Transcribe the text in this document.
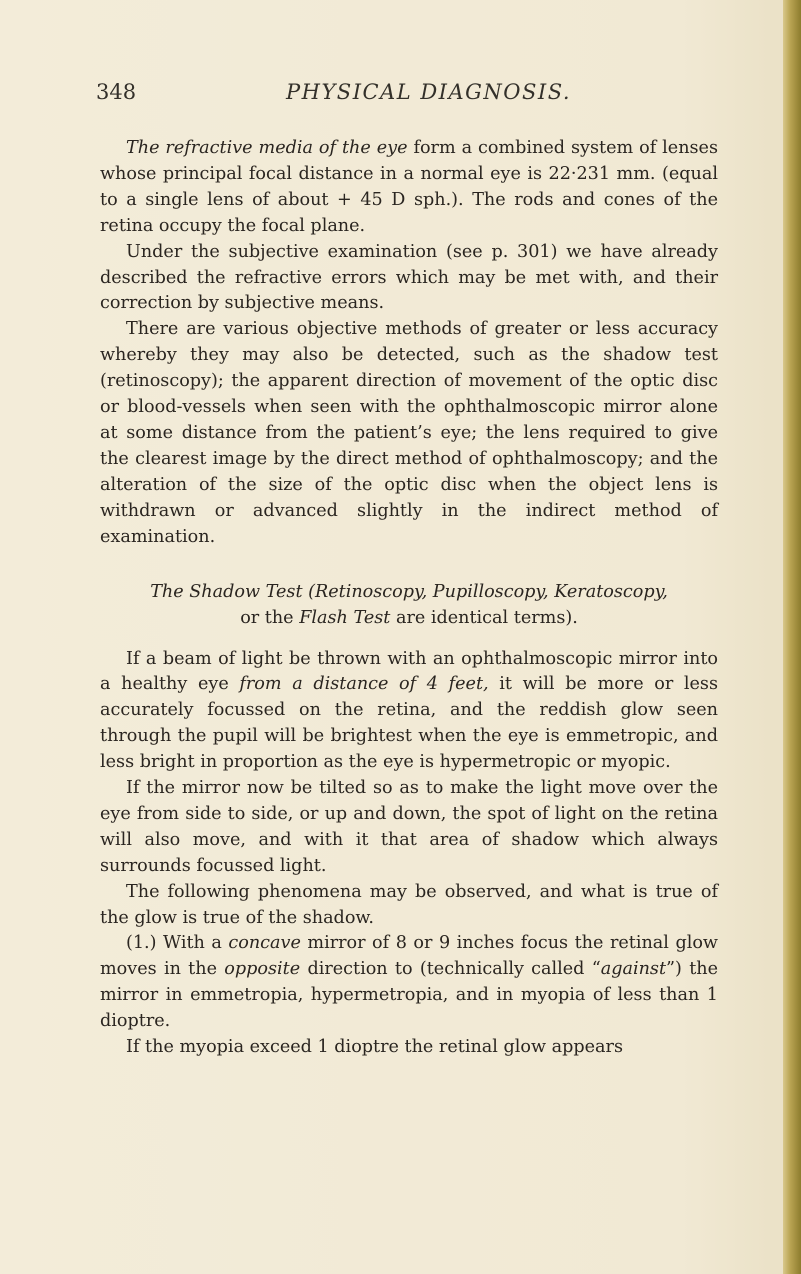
348	PHYSICAL DIAGNOSIS.

The refractive media of the eye form a combined system of lenses whose principal focal distance in a normal eye is 22·231 mm. (equal to a single lens of about + 45 D sph.). The rods and cones of the retina occupy the focal plane.

Under the subjective examination (see p. 301) we have already described the refractive errors which may be met with, and their correction by subjective means.

There are various objective methods of greater or less accuracy whereby they may also be detected, such as the shadow test (retinoscopy); the apparent direction of movement of the optic disc or blood-vessels when seen with the ophthalmoscopic mirror alone at some distance from the patient’s eye; the lens required to give the clearest image by the direct method of ophthalmoscopy; and the alteration of the size of the optic disc when the object lens is withdrawn or advanced slightly in the indirect method of examination.

The Shadow Test (Retinoscopy, Pupilloscopy, Keratoscopy,
or the Flash Test are identical terms).

If a beam of light be thrown with an ophthalmoscopic mirror into a healthy eye from a distance of 4 feet, it will be more or less accurately focussed on the retina, and the reddish glow seen through the pupil will be brightest when the eye is emmetropic, and less bright in proportion as the eye is hypermetropic or myopic.

If the mirror now be tilted so as to make the light move over the eye from side to side, or up and down, the spot of light on the retina will also move, and with it that area of shadow which always surrounds focussed light.

The following phenomena may be observed, and what is true of the glow is true of the shadow.

(1.) With a concave mirror of 8 or 9 inches focus the retinal glow moves in the opposite direction to (technically called “against”) the mirror in emmetropia, hypermetropia, and in myopia of less than 1 dioptre.

If the myopia exceed 1 dioptre the retinal glow appears
